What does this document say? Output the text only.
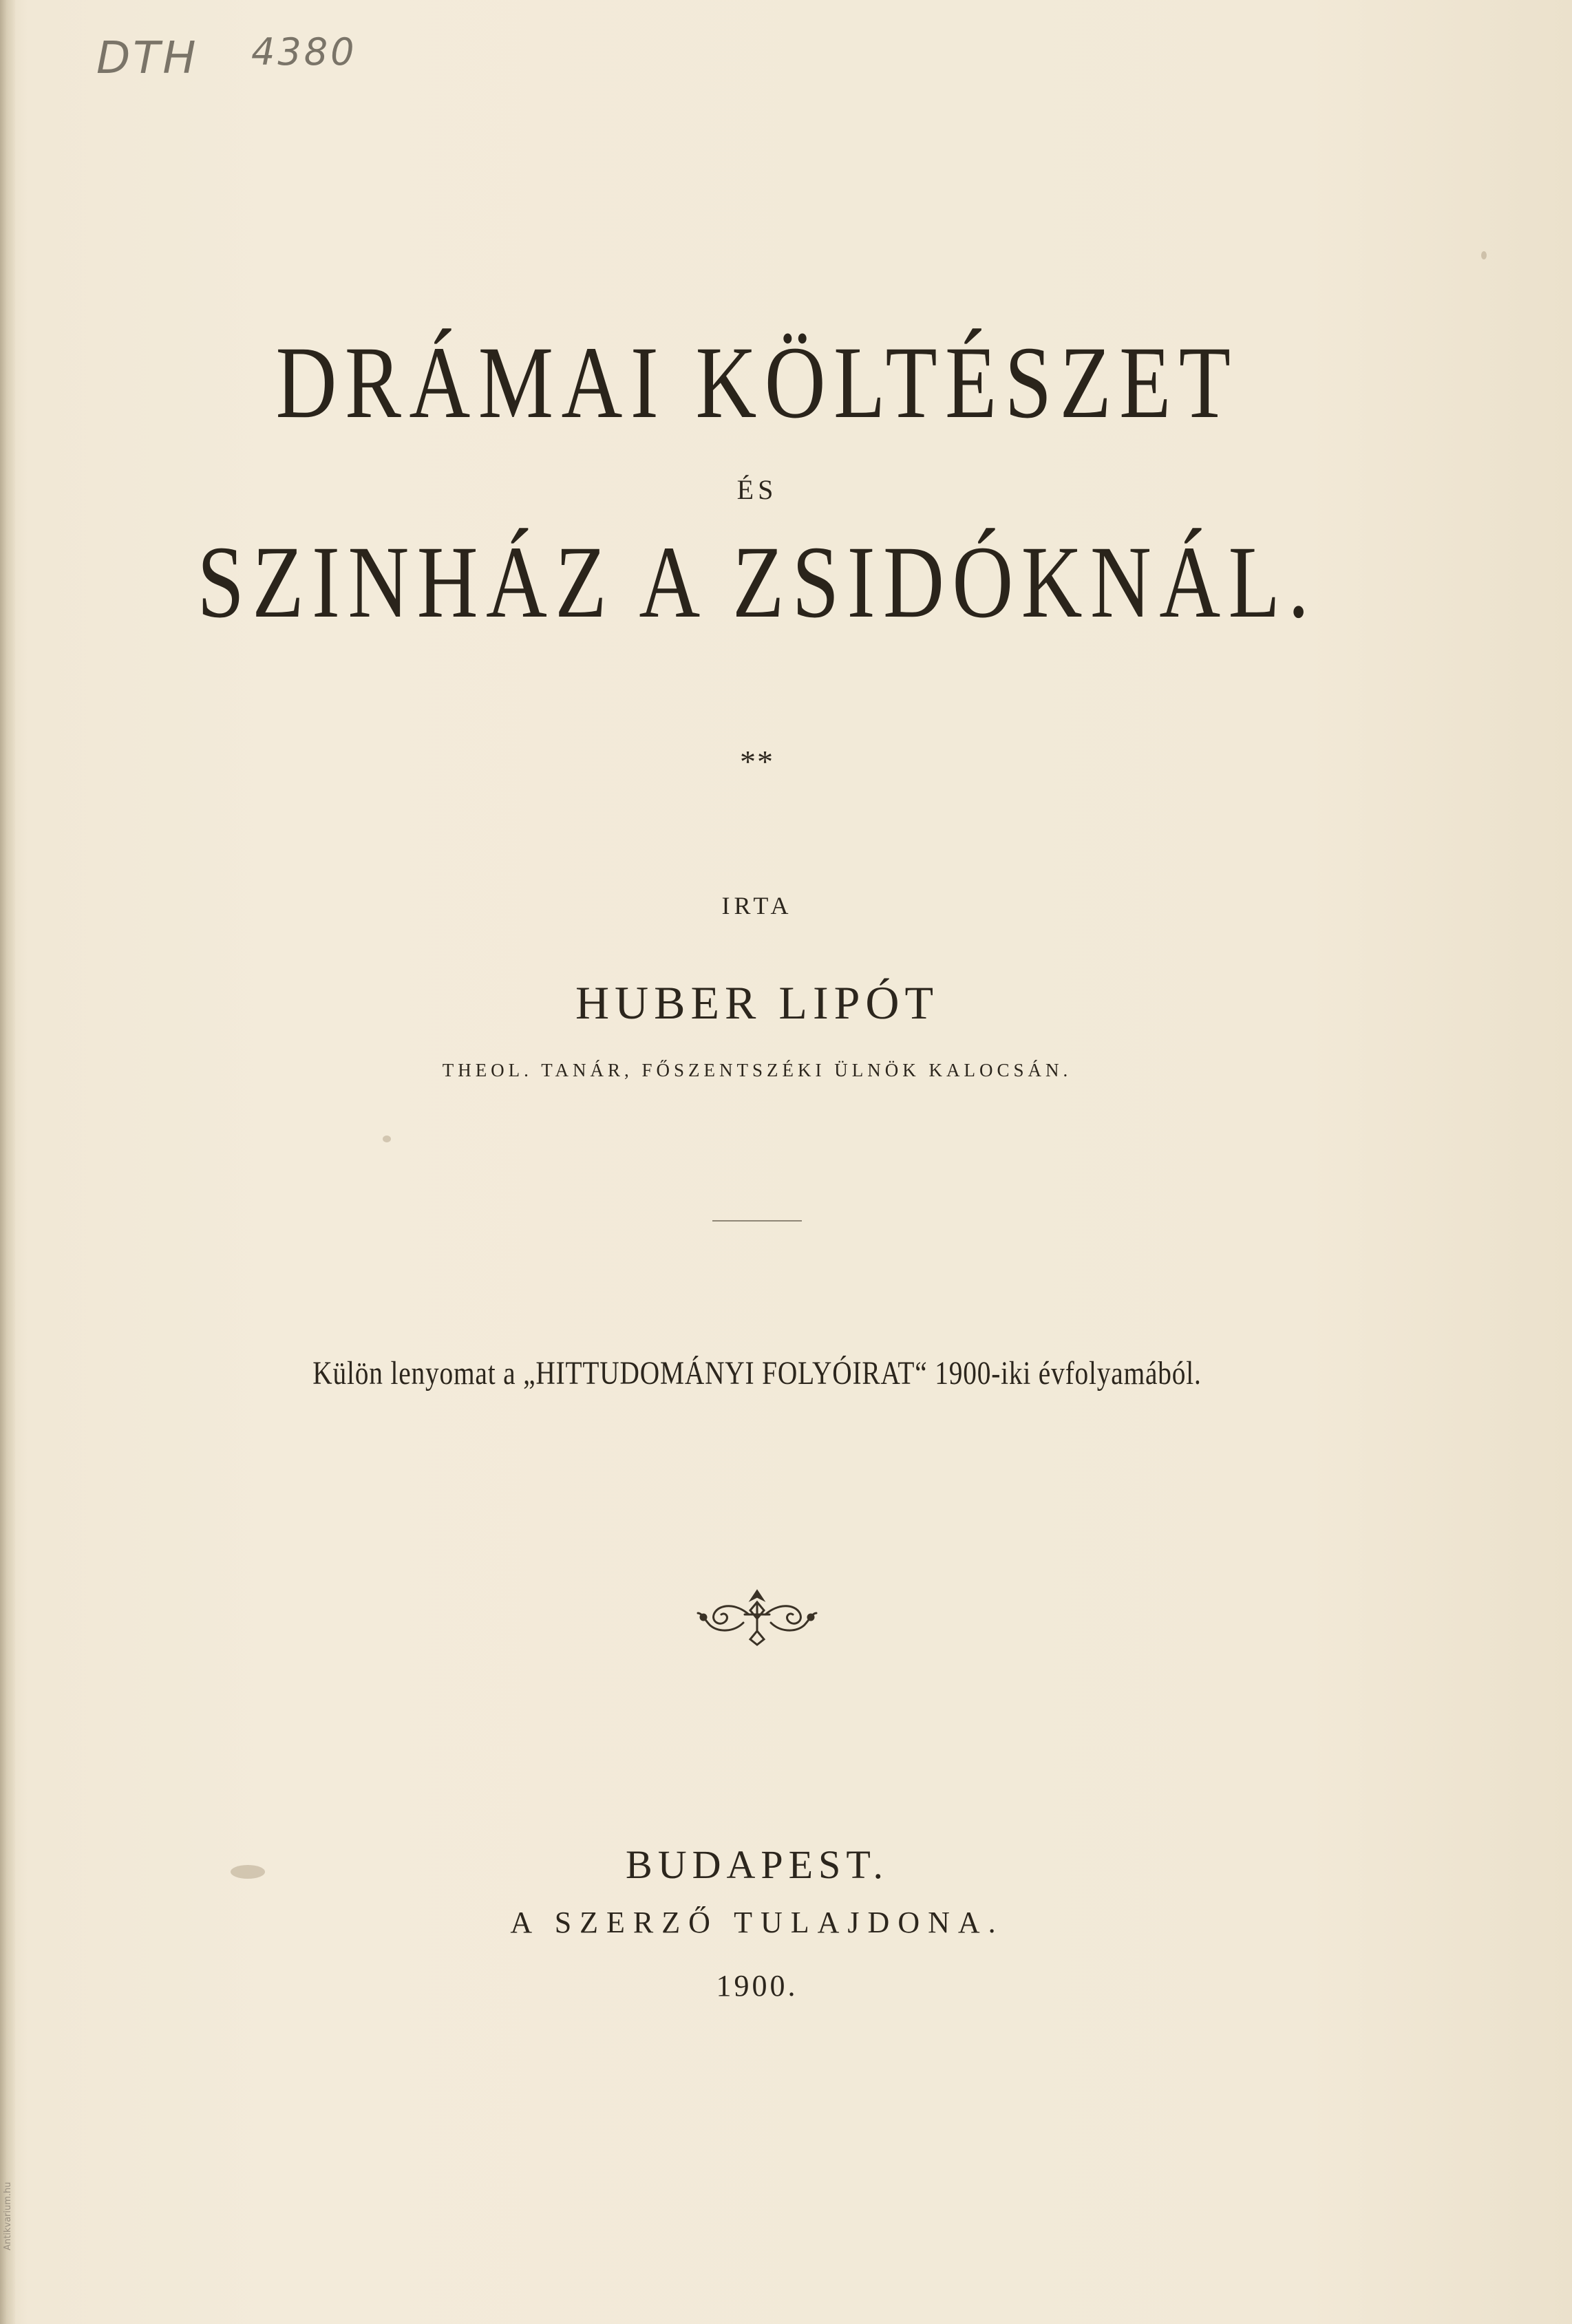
DTH 4380
DRÁMAI KÖLTÉSZET
ÉS
SZINHÁZ A ZSIDÓKNÁL.
**
IRTA
HUBER LIPÓT
THEOL. TANÁR, FŐSZENTSZÉKI ÜLNÖK KALOCSÁN.
Külön lenyomat a „HITTUDOMÁNYI FOLYÓIRAT“ 1900-iki évfolyamából.
BUDAPEST.
A SZERZŐ TULAJDONA.
1900.
Antikvarium.hu
